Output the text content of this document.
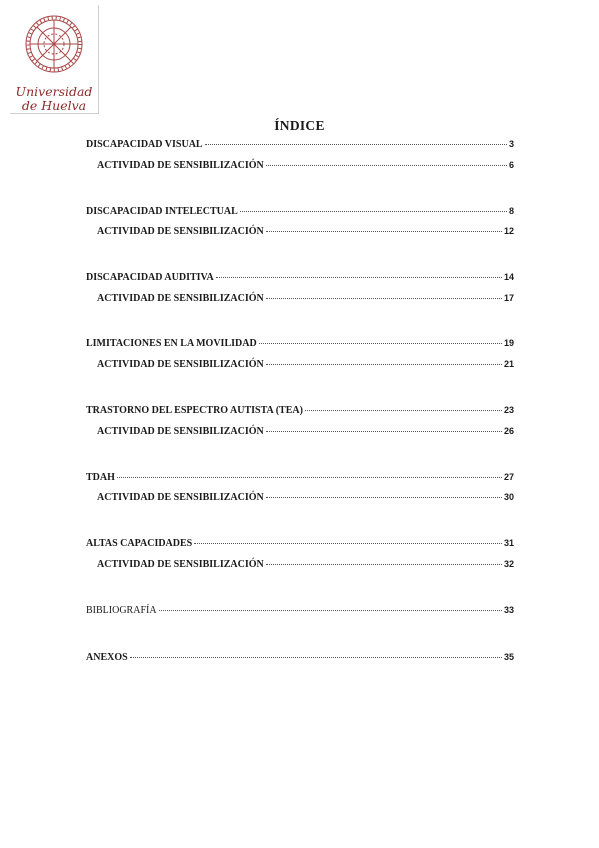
Universidad
de Huelva
ÍNDICE
DISCAPACIDAD VISUAL	3
ACTIVIDAD DE SENSIBILIZACIÓN	6
DISCAPACIDAD INTELECTUAL	8
ACTIVIDAD DE SENSIBILIZACIÓN	12
DISCAPACIDAD AUDITIVA	14
ACTIVIDAD DE SENSIBILIZACIÓN	17
LIMITACIONES EN LA MOVILIDAD	19
ACTIVIDAD DE SENSIBILIZACIÓN	21
TRASTORNO DEL ESPECTRO AUTISTA (TEA)	23
ACTIVIDAD DE SENSIBILIZACIÓN	26
TDAH	27
ACTIVIDAD DE SENSIBILIZACIÓN	30
ALTAS CAPACIDADES	31
ACTIVIDAD DE SENSIBILIZACIÓN	32
BIBLIOGRAFÍA	33
ANEXOS	35
